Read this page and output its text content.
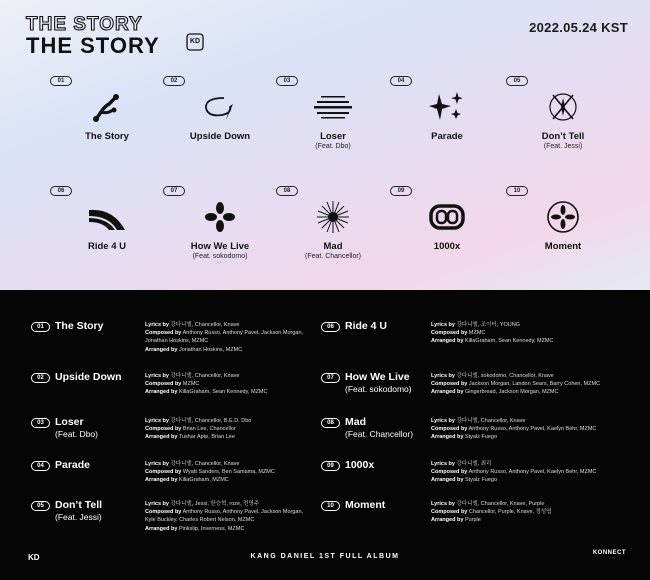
THE STORY
THE STORY	KD
2022.05.24 KST
01
The Story
02
Upside Down
03
Loser
(Feat. Dbo)
04
Parade
05
Don’t Tell
(Feat. Jessi)
06
Ride 4 U
07
How We Live
(Feat. sokodomo)
08
Mad
(Feat. Chancellor)
09
1000x
10
Moment
01	The Story	Lyrics by 강다니엘, Chancellor, Knave
Composed by Anthony Russo, Anthony Pavel, Jackson Morgan, Jonathan Hoskins, MZMC
Arranged by Jonathan Hoskins, MZMC
02	Upside Down	Lyrics by 강다니엘, Chancellor, Knave
Composed by MZMC
Arranged by KillaGraham, Sean Kennedy, MZMC
03	Loser
(Feat. Dbo)
Lyrics by 강다니엘, Chancellor, B.E.D. Dbo
Composed by Brian Lee, Chancellor
Arranged by Tushar Apte, Brian Lee
04	Parade	Lyrics by 강다니엘, Chancellor, Knave
Composed by Wyatt Sanders, Ben Samama, MZMC
Arranged by KillaGraham, MZMC
05	Don’t Tell
(Feat. Jessi)
Lyrics by 강다니엘, Jessi, 한승혁, roze, 전영주
Composed by Anthony Russo, Anthony Pavel, Jackson Morgan, Kyle Buckley, Charles Robert Nelson, MZMC
Arranged by Pinkslip, Inverness, MZMC
06	Ride 4 U	Lyrics by 강다니엘, 조이터, YOUNG
Composed by MZMC
Arranged by KillaGraham, Sean Kennedy, MZMC
07	How We Live
(Feat. sokodomo)
Lyrics by 강다니엘, sokodomo, Chancellor, Knave
Composed by Jackson Morgan, Landon Sears, Barry Cohen, MZMC
Arranged by Gingerbread, Jackson Morgan, MZMC
08	Mad
(Feat. Chancellor)
Lyrics by 강다니엘, Chancellor, Knave
Composed by Anthony Russo, Anthony Pavel, Kaelyn Behr, MZMC
Arranged by Styalz Fuego
09	1000x	Lyrics by 강다니엘, 최리
Composed by Anthony Russo, Anthony Pavel, Kaelyn Behr, MZMC
Arranged by Styalz Fuego
10	Moment	Lyrics by 강다니엘, Chancellor, Knave, Purple
Composed by Chancellor, Purple, Knave, 정성엽
Arranged by Purple
KD	KANG DANIEL 1ST FULL ALBUM	KONNECT
